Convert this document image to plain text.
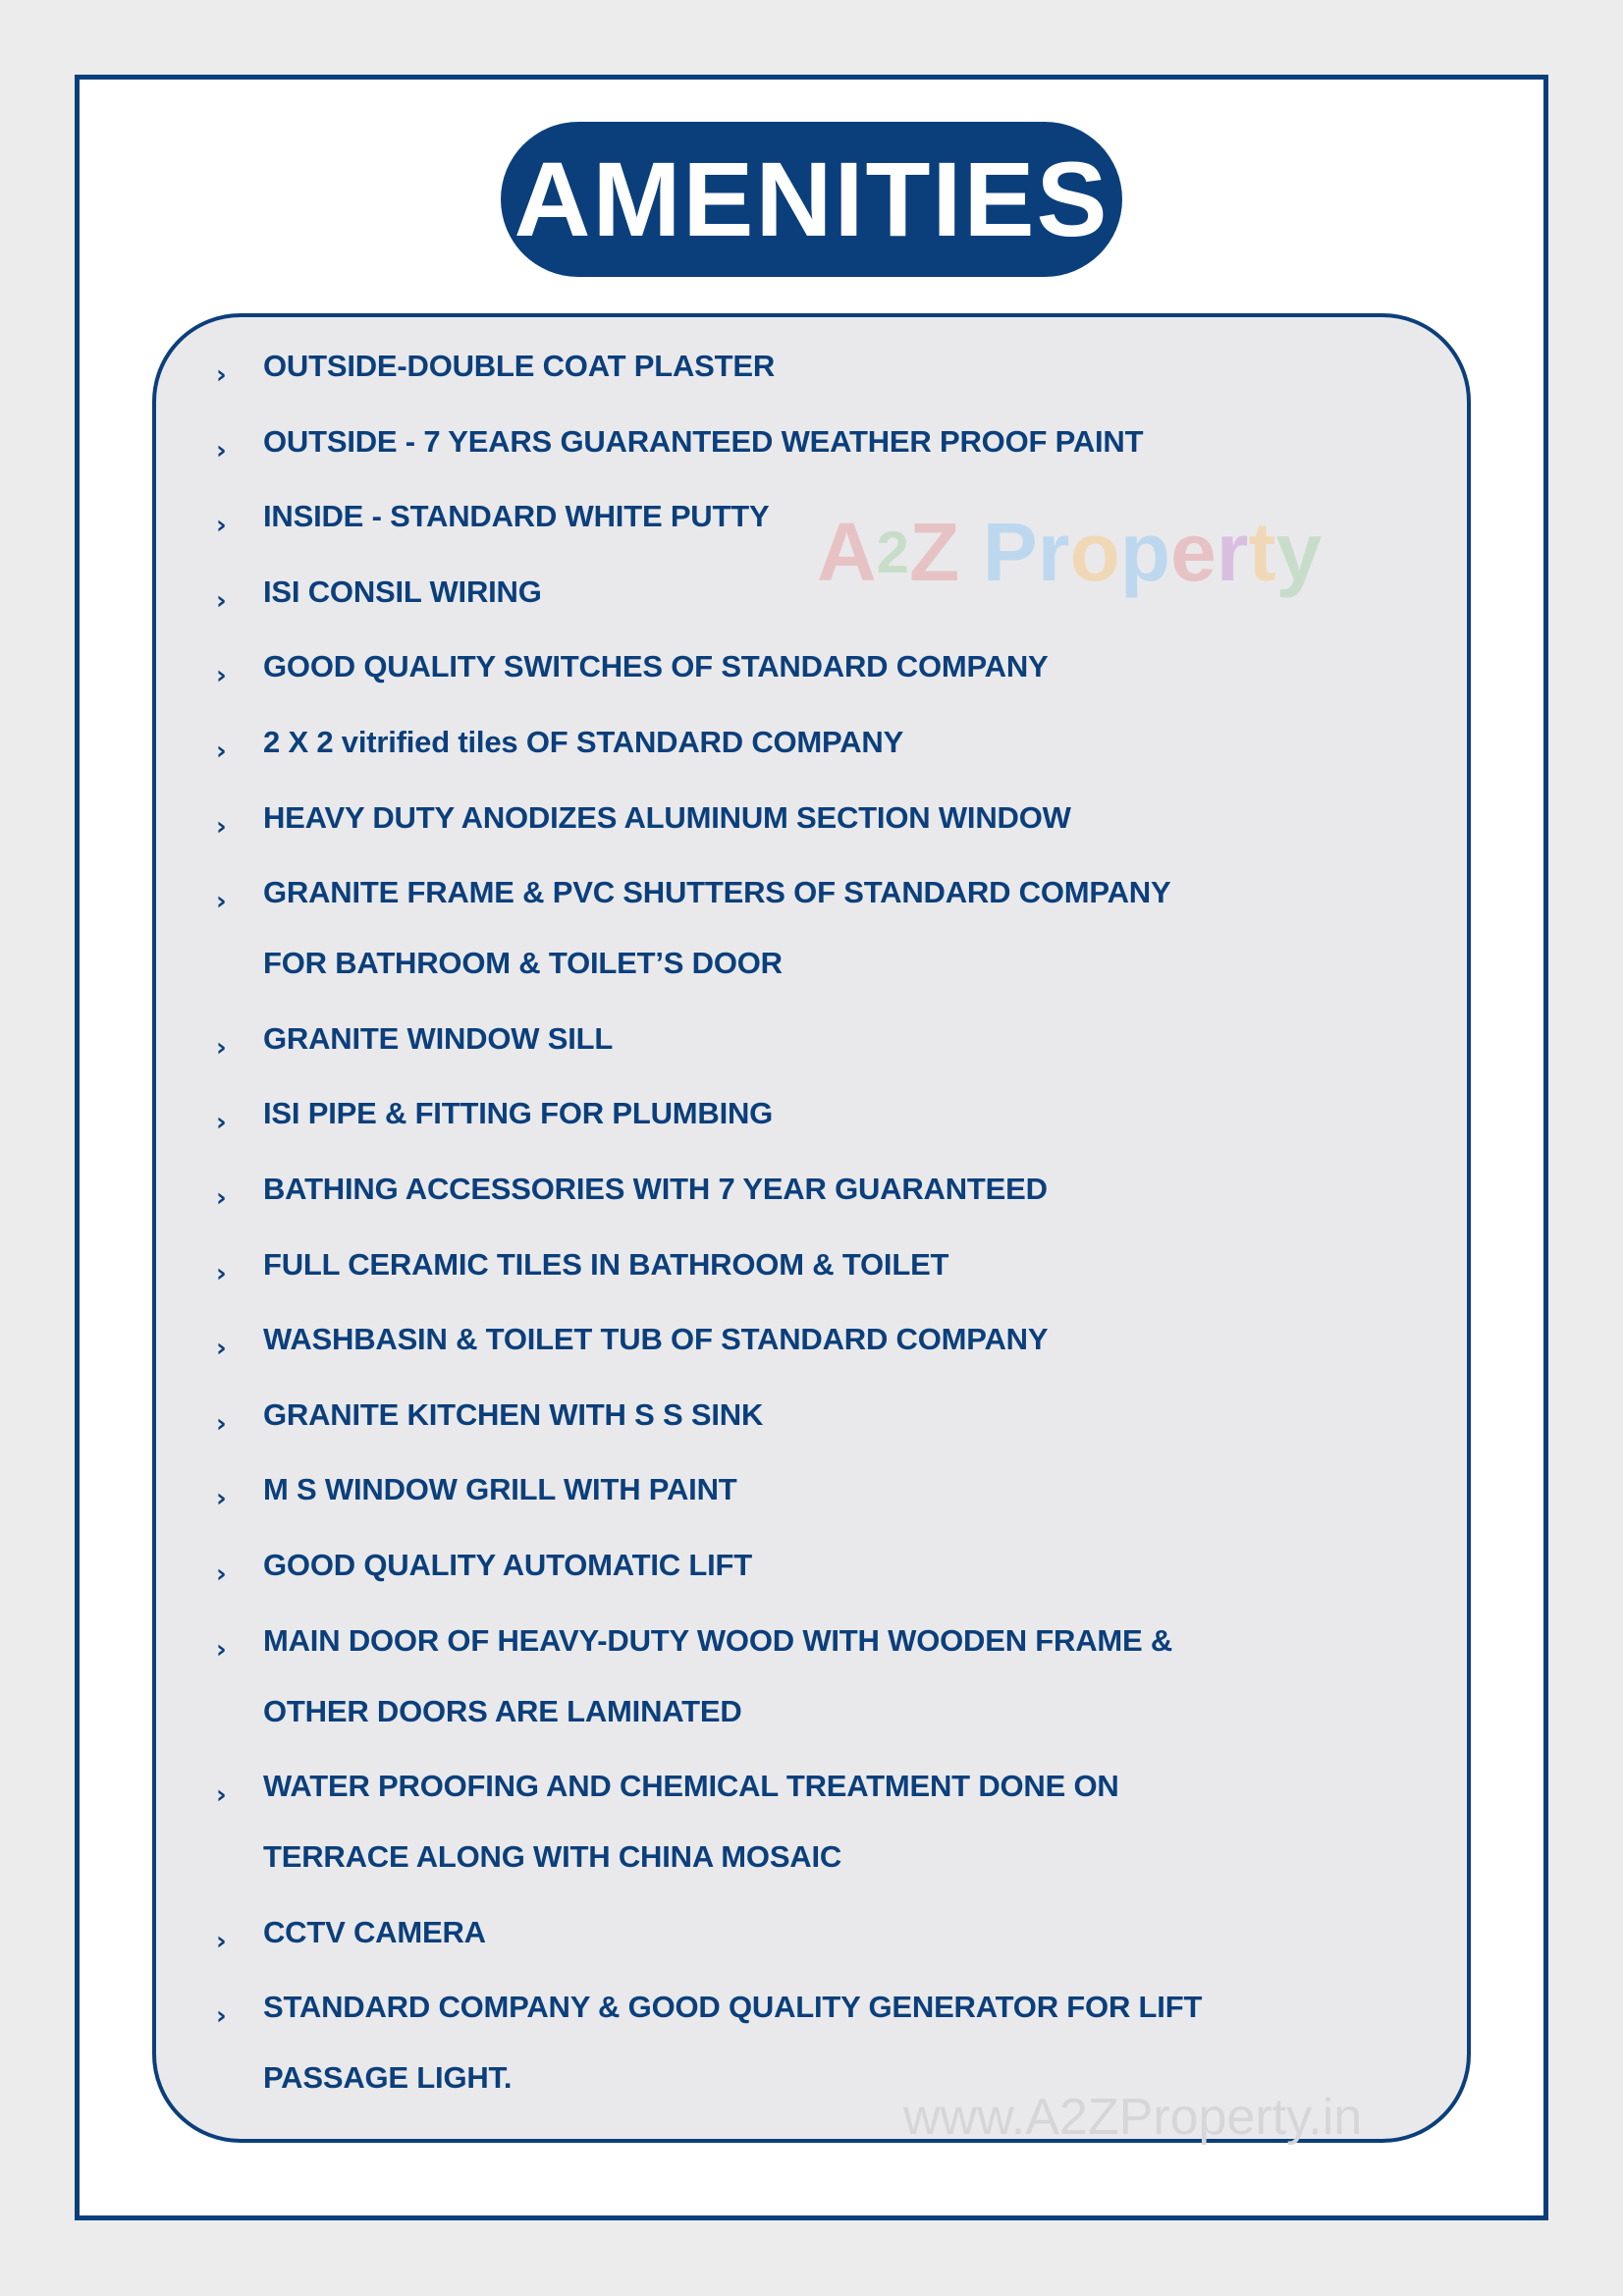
AMENITIES
› OUTSIDE-DOUBLE COAT PLASTER
› OUTSIDE - 7 YEARS GUARANTEED WEATHER PROOF PAINT
› INSIDE - STANDARD WHITE PUTTY
› ISI CONSIL WIRING
› GOOD QUALITY SWITCHES OF STANDARD COMPANY
› 2 X 2 vitrified tiles OF STANDARD COMPANY
› HEAVY DUTY ANODIZES ALUMINUM SECTION WINDOW
› GRANITE FRAME & PVC SHUTTERS OF STANDARD COMPANY
FOR BATHROOM & TOILET’S DOOR
› GRANITE WINDOW SILL
› ISI PIPE & FITTING FOR PLUMBING
› BATHING ACCESSORIES WITH 7 YEAR GUARANTEED
› FULL CERAMIC TILES IN BATHROOM & TOILET
› WASHBASIN & TOILET TUB OF STANDARD COMPANY
› GRANITE KITCHEN WITH S S SINK
› M S WINDOW GRILL WITH PAINT
› GOOD QUALITY AUTOMATIC LIFT
› MAIN DOOR OF HEAVY-DUTY WOOD WITH WOODEN FRAME &
OTHER DOORS ARE LAMINATED
› WATER PROOFING AND CHEMICAL TREATMENT DONE ON
TERRACE ALONG WITH CHINA MOSAIC
› CCTV CAMERA
› STANDARD COMPANY & GOOD QUALITY GENERATOR FOR LIFT
PASSAGE LIGHT.
A2Z Property
www.A2ZProperty.in
